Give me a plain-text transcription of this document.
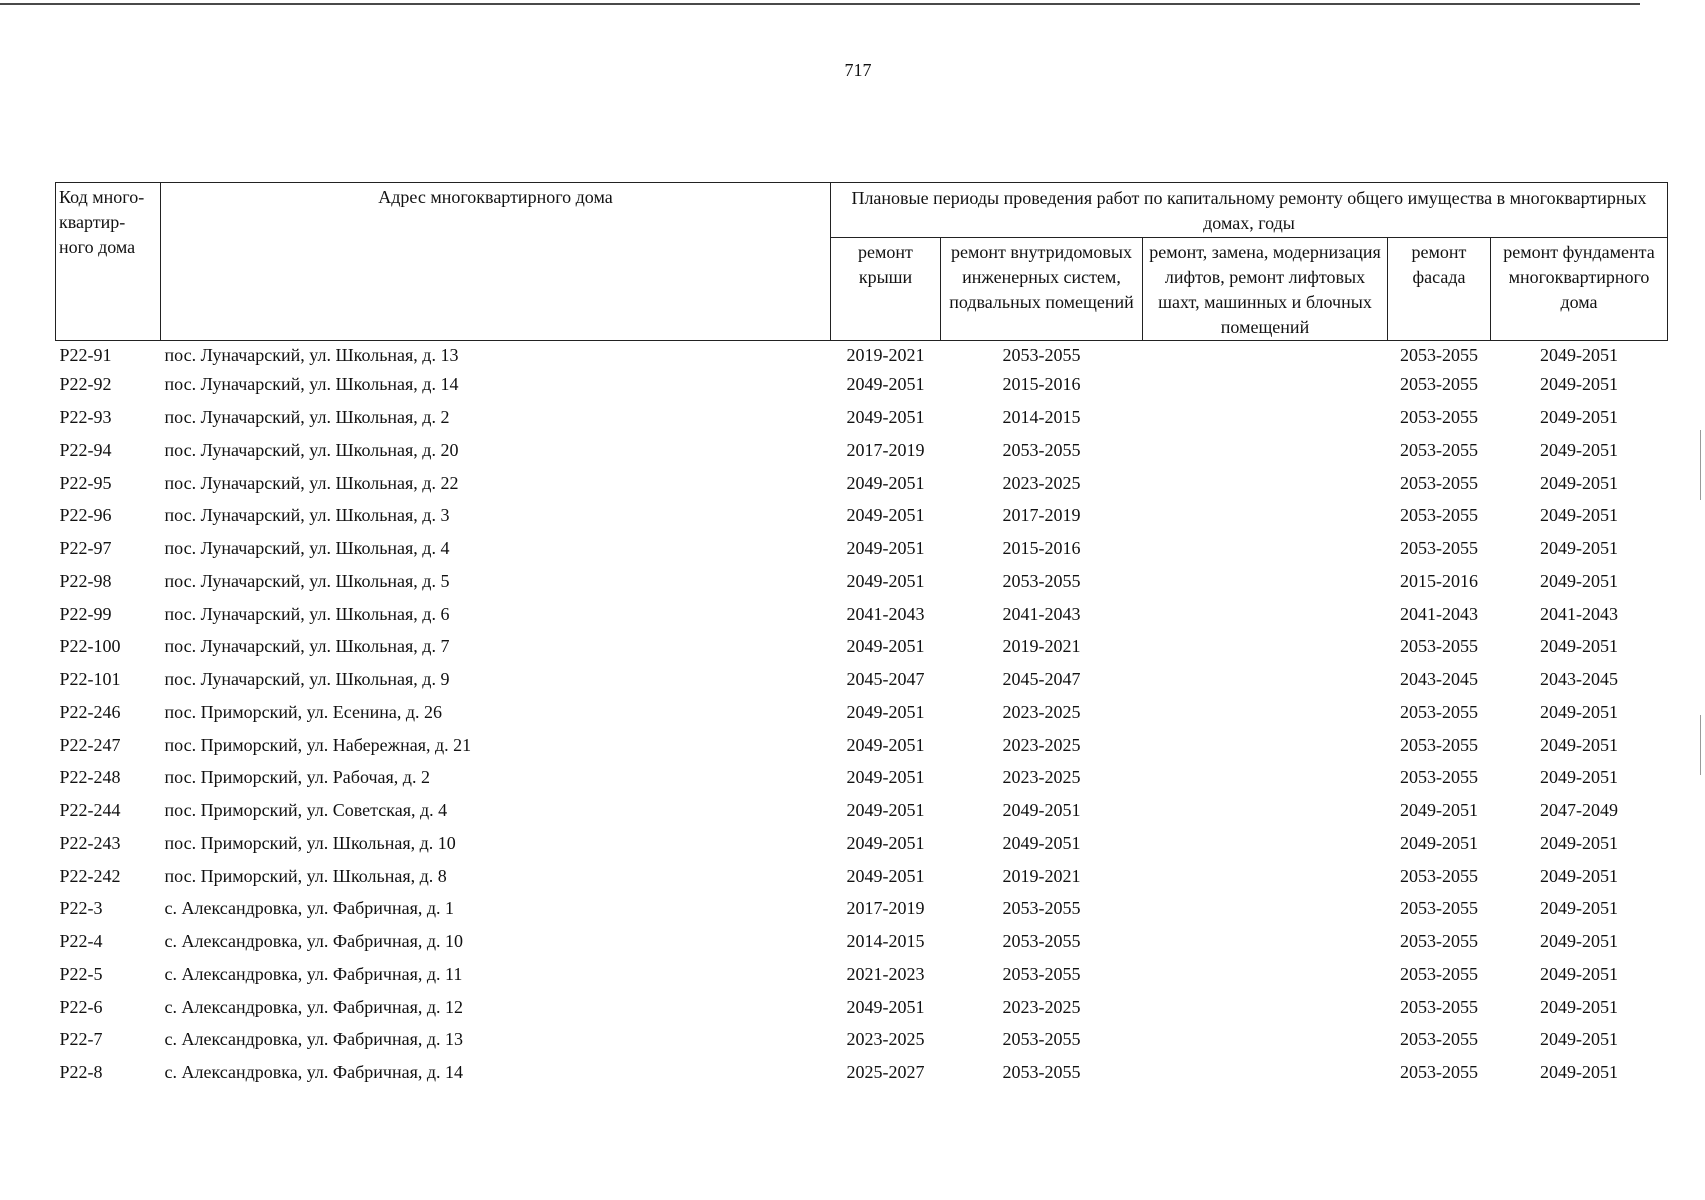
717
Код много-квартир-ного дома	Адрес многоквартирного дома	Плановые периоды проведения работ по капитальному ремонту общего имущества в многоквартирных домах, годы				
		ремонт крыши	ремонт внутридомовых инженерных систем, подвальных помещений	ремонт, замена, модернизация лифтов, ремонт лифтовых шахт, машинных и блочных помещений	ремонт фасада	ремонт фундамента многоквартирного дома
Р22-91	пос. Луначарский, ул. Школьная, д. 13	2019-2021	2053-2055		2053-2055	2049-2051
Р22-92	пос. Луначарский, ул. Школьная, д. 14	2049-2051	2015-2016		2053-2055	2049-2051
Р22-93	пос. Луначарский, ул. Школьная, д. 2	2049-2051	2014-2015		2053-2055	2049-2051
Р22-94	пос. Луначарский, ул. Школьная, д. 20	2017-2019	2053-2055		2053-2055	2049-2051
Р22-95	пос. Луначарский, ул. Школьная, д. 22	2049-2051	2023-2025		2053-2055	2049-2051
Р22-96	пос. Луначарский, ул. Школьная, д. 3	2049-2051	2017-2019		2053-2055	2049-2051
Р22-97	пос. Луначарский, ул. Школьная, д. 4	2049-2051	2015-2016		2053-2055	2049-2051
Р22-98	пос. Луначарский, ул. Школьная, д. 5	2049-2051	2053-2055		2015-2016	2049-2051
Р22-99	пос. Луначарский, ул. Школьная, д. 6	2041-2043	2041-2043		2041-2043	2041-2043
Р22-100	пос. Луначарский, ул. Школьная, д. 7	2049-2051	2019-2021		2053-2055	2049-2051
Р22-101	пос. Луначарский, ул. Школьная, д. 9	2045-2047	2045-2047		2043-2045	2043-2045
Р22-246	пос. Приморский, ул. Есенина, д. 26	2049-2051	2023-2025		2053-2055	2049-2051
Р22-247	пос. Приморский, ул. Набережная, д. 21	2049-2051	2023-2025		2053-2055	2049-2051
Р22-248	пос. Приморский, ул. Рабочая, д. 2	2049-2051	2023-2025		2053-2055	2049-2051
Р22-244	пос. Приморский, ул. Советская, д. 4	2049-2051	2049-2051		2049-2051	2047-2049
Р22-243	пос. Приморский, ул. Школьная, д. 10	2049-2051	2049-2051		2049-2051	2049-2051
Р22-242	пос. Приморский, ул. Школьная, д. 8	2049-2051	2019-2021		2053-2055	2049-2051
Р22-3	с. Александровка, ул. Фабричная, д. 1	2017-2019	2053-2055		2053-2055	2049-2051
Р22-4	с. Александровка, ул. Фабричная, д. 10	2014-2015	2053-2055		2053-2055	2049-2051
Р22-5	с. Александровка, ул. Фабричная, д. 11	2021-2023	2053-2055		2053-2055	2049-2051
Р22-6	с. Александровка, ул. Фабричная, д. 12	2049-2051	2023-2025		2053-2055	2049-2051
Р22-7	с. Александровка, ул. Фабричная, д. 13	2023-2025	2053-2055		2053-2055	2049-2051
Р22-8	с. Александровка, ул. Фабричная, д. 14	2025-2027	2053-2055		2053-2055	2049-2051
